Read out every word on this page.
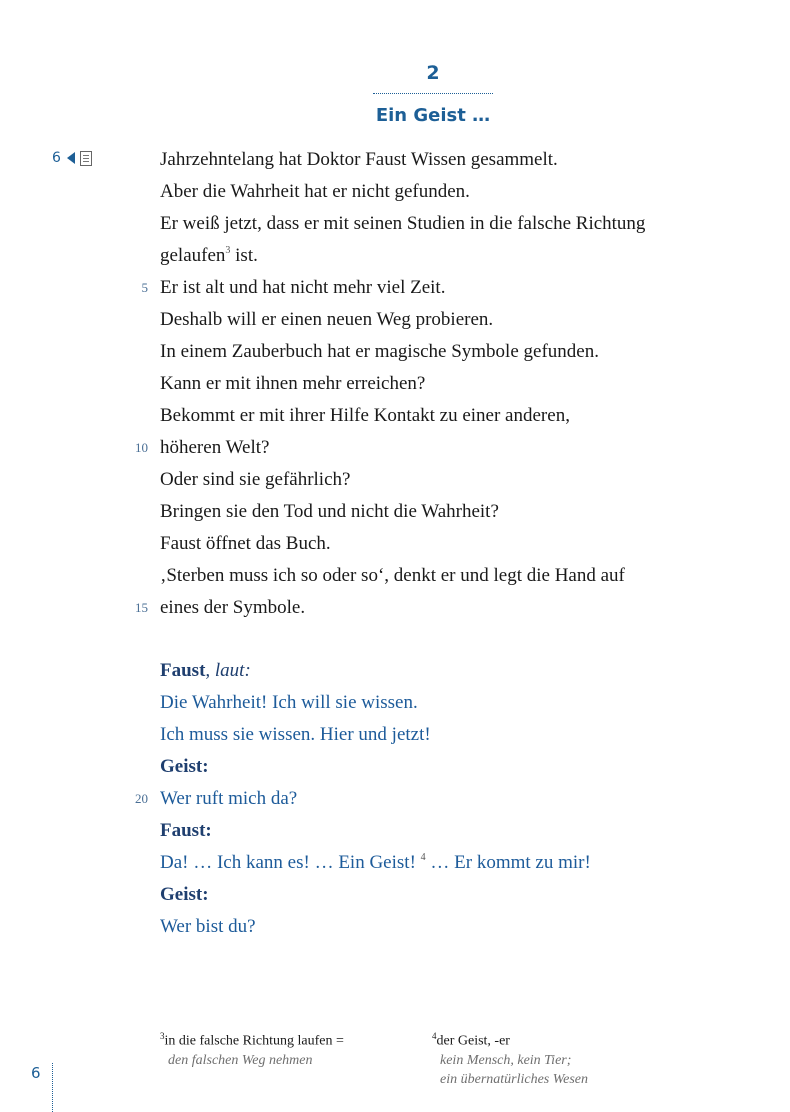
2
Ein Geist …
6	Jahrzehntelang hat Doktor Faust Wissen gesammelt.
Aber die Wahrheit hat er nicht gefunden.
Er weiß jetzt, dass er mit seinen Studien in die falsche Richtung
gelaufen$^3$ ist.
5 Er ist alt und hat nicht mehr viel Zeit.
Deshalb will er einen neuen Weg probieren.
In einem Zauberbuch hat er magische Symbole gefunden.
Kann er mit ihnen mehr erreichen?
Bekommt er mit ihrer Hilfe Kontakt zu einer anderen,
10 höheren Welt?
Oder sind sie gefährlich?
Bringen sie den Tod und nicht die Wahrheit?
Faust öffnet das Buch.
‚Sterben muss ich so oder so‘, denkt er und legt die Hand auf
15 eines der Symbole.
Faust, laut:
Die Wahrheit! Ich will sie wissen.
Ich muss sie wissen. Hier und jetzt!
Geist:
20 Wer ruft mich da?
Faust:
Da! … Ich kann es! … Ein Geist! $^4$ … Er kommt zu mir!
Geist:
Wer bist du?
$^3$in die falsche Richtung laufen =
den falschen Weg nehmen
$^4$der Geist, -er
kein Mensch, kein Tier;
ein übernatürliches Wesen
6
